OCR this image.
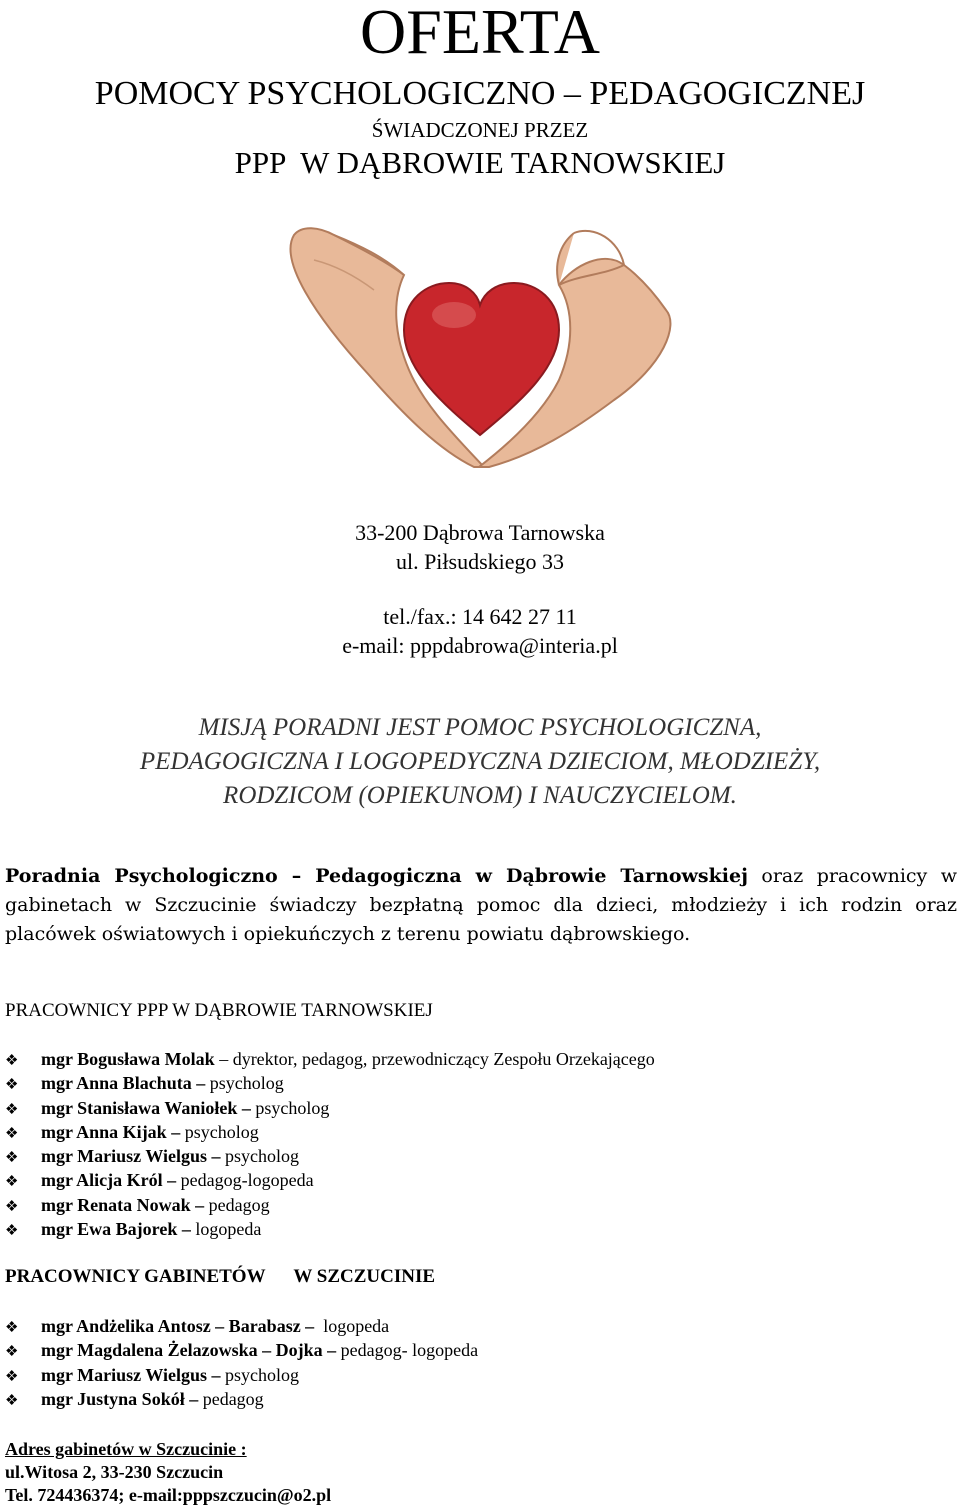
OFERTA
POMOCY PSYCHOLOGICZNO – PEDAGOGICZNEJ
ŚWIADCZONEJ PRZEZ
PPP  W DĄBROWIE TARNOWSKIEJ
33-200 Dąbrowa Tarnowska
ul. Piłsudskiego 33
tel./fax.: 14 642 27 11
e-mail: pppdabrowa@interia.pl
MISJĄ PORADNI JEST POMOC PSYCHOLOGICZNA,
PEDAGOGICZNA I LOGOPEDYCZNA DZIECIOM, MŁODZIEŻY,
RODZICOM (OPIEKUNOM) I NAUCZYCIELOM.
Poradnia Psychologiczno – Pedagogiczna w Dąbrowie Tarnowskiej oraz pracownicy w gabinetach w Szczucinie świadczy bezpłatną pomoc dla dzieci, młodzieży i ich rodzin oraz placówek oświatowych i opiekuńczych z terenu powiatu dąbrowskiego.
PRACOWNICY PPP W DĄBROWIE TARNOWSKIEJ
❖ mgr Bogusława Molak – dyrektor, pedagog, przewodniczący Zespołu Orzekającego
❖ mgr Anna Blachuta – psycholog
❖ mgr Stanisława Waniołek – psycholog
❖ mgr Anna Kijak – psycholog
❖ mgr Mariusz Wielgus – psycholog
❖ mgr Alicja Król – pedagog-logopeda
❖ mgr Renata Nowak – pedagog
❖ mgr Ewa Bajorek – logopeda
PRACOWNICY GABINETÓW      W SZCZUCINIE
❖ mgr Andżelika Antosz – Barabasz –  logopeda
❖ mgr Magdalena Żelazowska – Dojka – pedagog- logopeda
❖ mgr Mariusz Wielgus – psycholog
❖ mgr Justyna Sokół – pedagog
Adres gabinetów w Szczucinie :
ul.Witosa 2, 33-230 Szczucin
Tel. 724436374; e-mail:pppszczucin@o2.pl
